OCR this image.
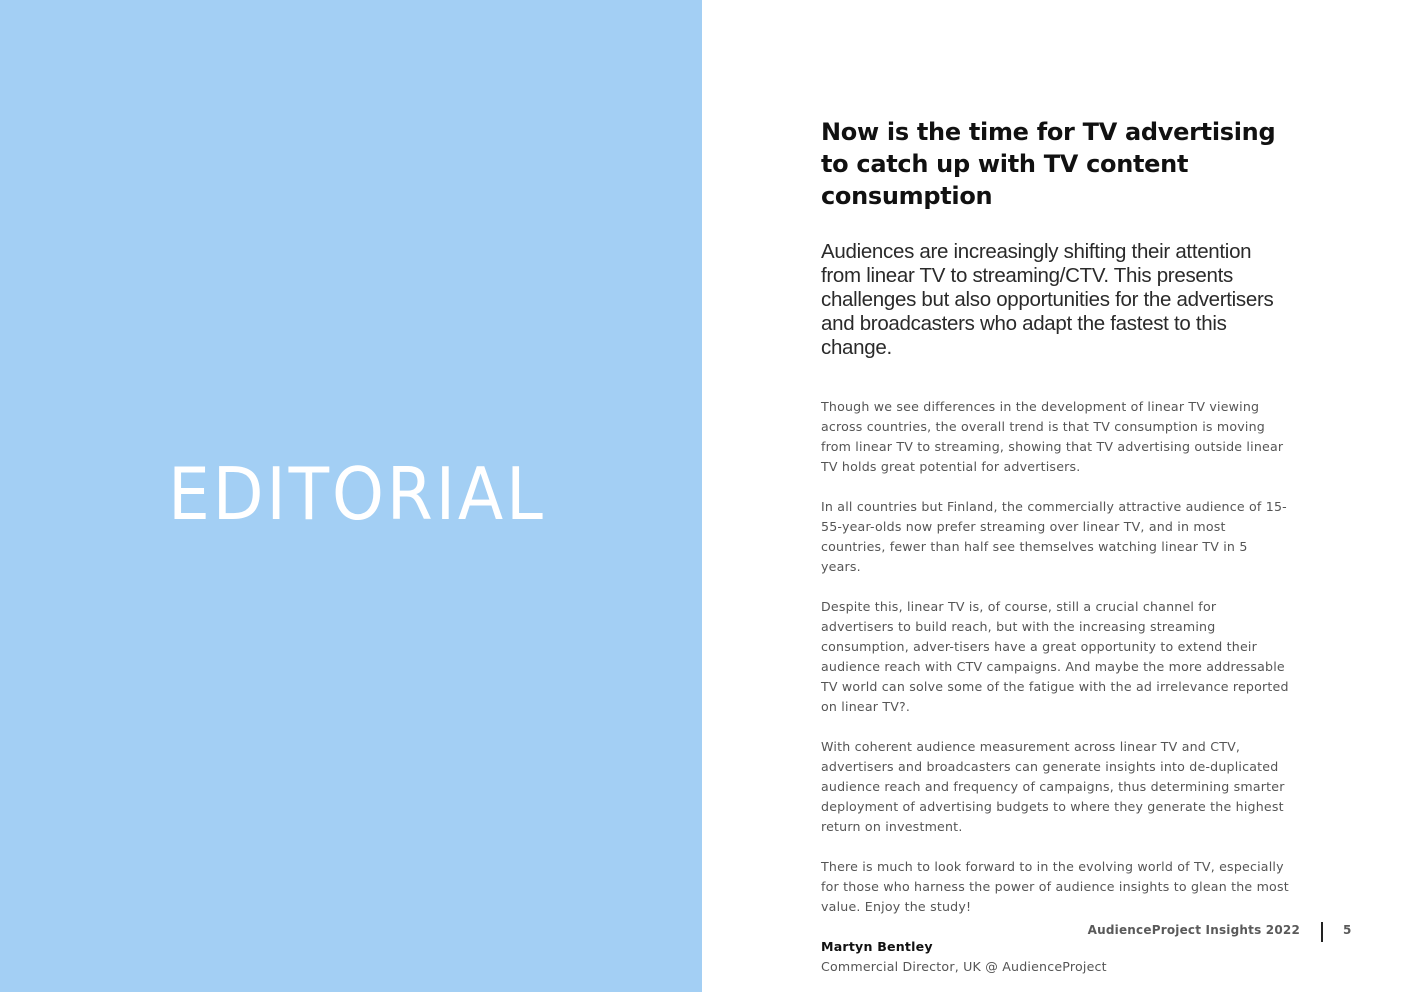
EDITORIAL
Now is the time for TV advertising to catch up with TV content consumption

Audiences are increasingly shifting their attention from linear TV to streaming/CTV. This presents challenges but also opportunities for the advertisers and broadcasters who adapt the fastest to this change.

Though we see differences in the development of linear TV viewing across countries, the overall trend is that TV consumption is moving from linear TV to streaming, showing that TV advertising outside linear TV holds great potential for advertisers.

In all countries but Finland, the commercially attractive audience of 15-55-year-olds now prefer streaming over linear TV, and in most countries, fewer than half see themselves watching linear TV in 5 years.

Despite this, linear TV is, of course, still a crucial channel for advertisers to build reach, but with the increasing streaming consumption, adver-tisers have a great opportunity to extend their audience reach with CTV campaigns. And maybe the more addressable TV world can solve some of the fatigue with the ad irrelevance reported on linear TV?.

With coherent audience measurement across linear TV and CTV, advertisers and broadcasters can generate insights into de-duplicated audience reach and frequency of campaigns, thus determining smarter deployment of advertising budgets to where they generate the highest return on investment.

There is much to look forward to in the evolving world of TV, especially for those who harness the power of audience insights to glean the most value. Enjoy the study!

Martyn Bentley

Commercial Director, UK @ AudienceProject

AudienceProject Insights 2022	5
